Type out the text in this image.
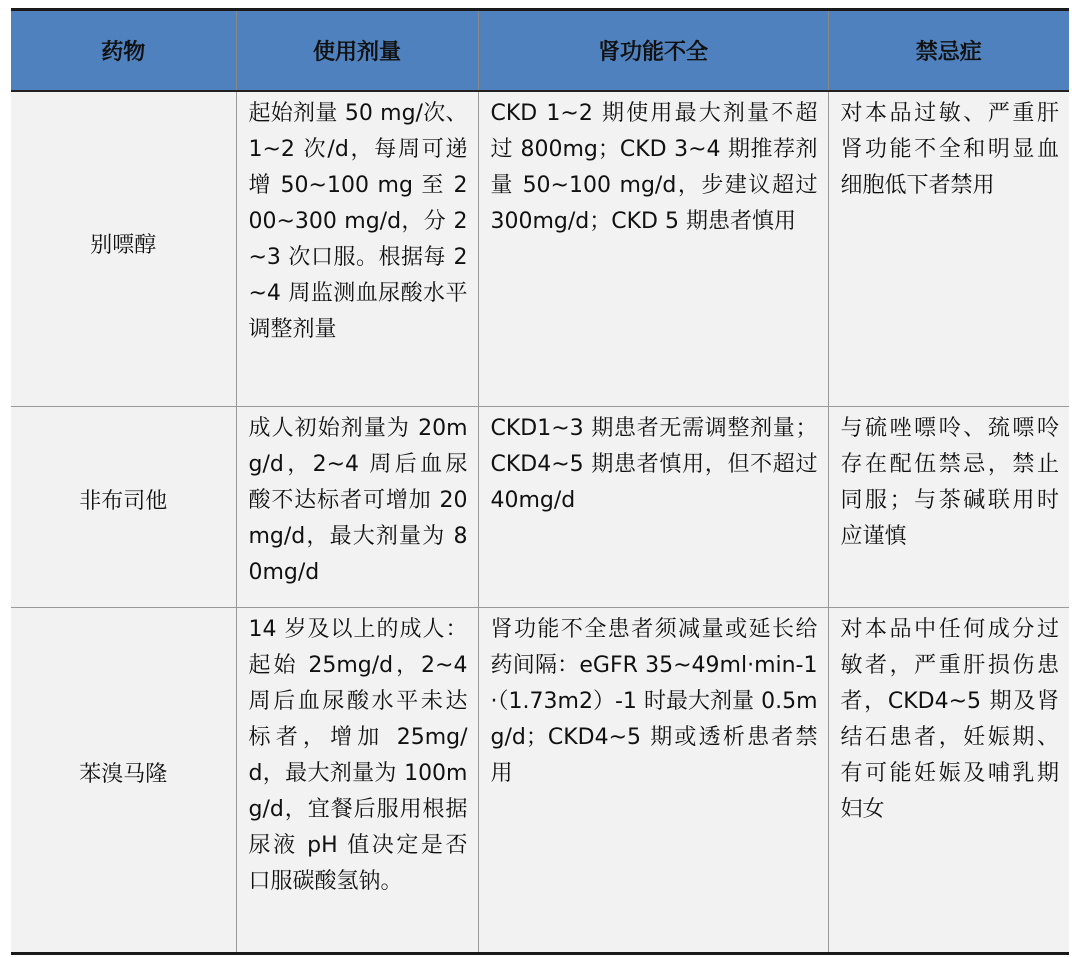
药物	使用剂量	肾功能不全	禁忌症
别嘌醇	起始剂量 50 mg/次、1~2 次/d，每周可递增 50~100 mg 至 200~300 mg/d，分 2~3 次口服。根据每 2~4 周监测血尿酸水平调整剂量	CKD 1~2 期使用最大剂量不超过 800mg；CKD 3~4 期推荐剂量 50~100 mg/d，步建议超过 300mg/d；CKD 5 期患者慎用	对本品过敏、严重肝肾功能不全和明显血细胞低下者禁用
非布司他	成人初始剂量为 20mg/d，2~4 周后血尿酸不达标者可增加 20mg/d，最大剂量为 80mg/d	CKD1~3 期患者无需调整剂量；CKD4~5 期患者慎用，但不超过 40mg/d	与硫唑嘌呤、巯嘌呤存在配伍禁忌，禁止同服；与茶碱联用时应谨慎
苯溴马隆	14 岁及以上的成人：起始 25mg/d，2~4 周后血尿酸水平未达标者，增加 25mg/d，最大剂量为 100mg/d，宜餐后服用根据尿液 pH 值决定是否口服碳酸氢钠。	肾功能不全患者须减量或延长给药间隔：eGFR 35~49ml·min-1·（1.73m2）-1 时最大剂量 0.5mg/d；CKD4~5 期或透析患者禁用	对本品中任何成分过敏者，严重肝损伤患者，CKD4~5 期及肾结石患者，妊娠期、有可能妊娠及哺乳期妇女
